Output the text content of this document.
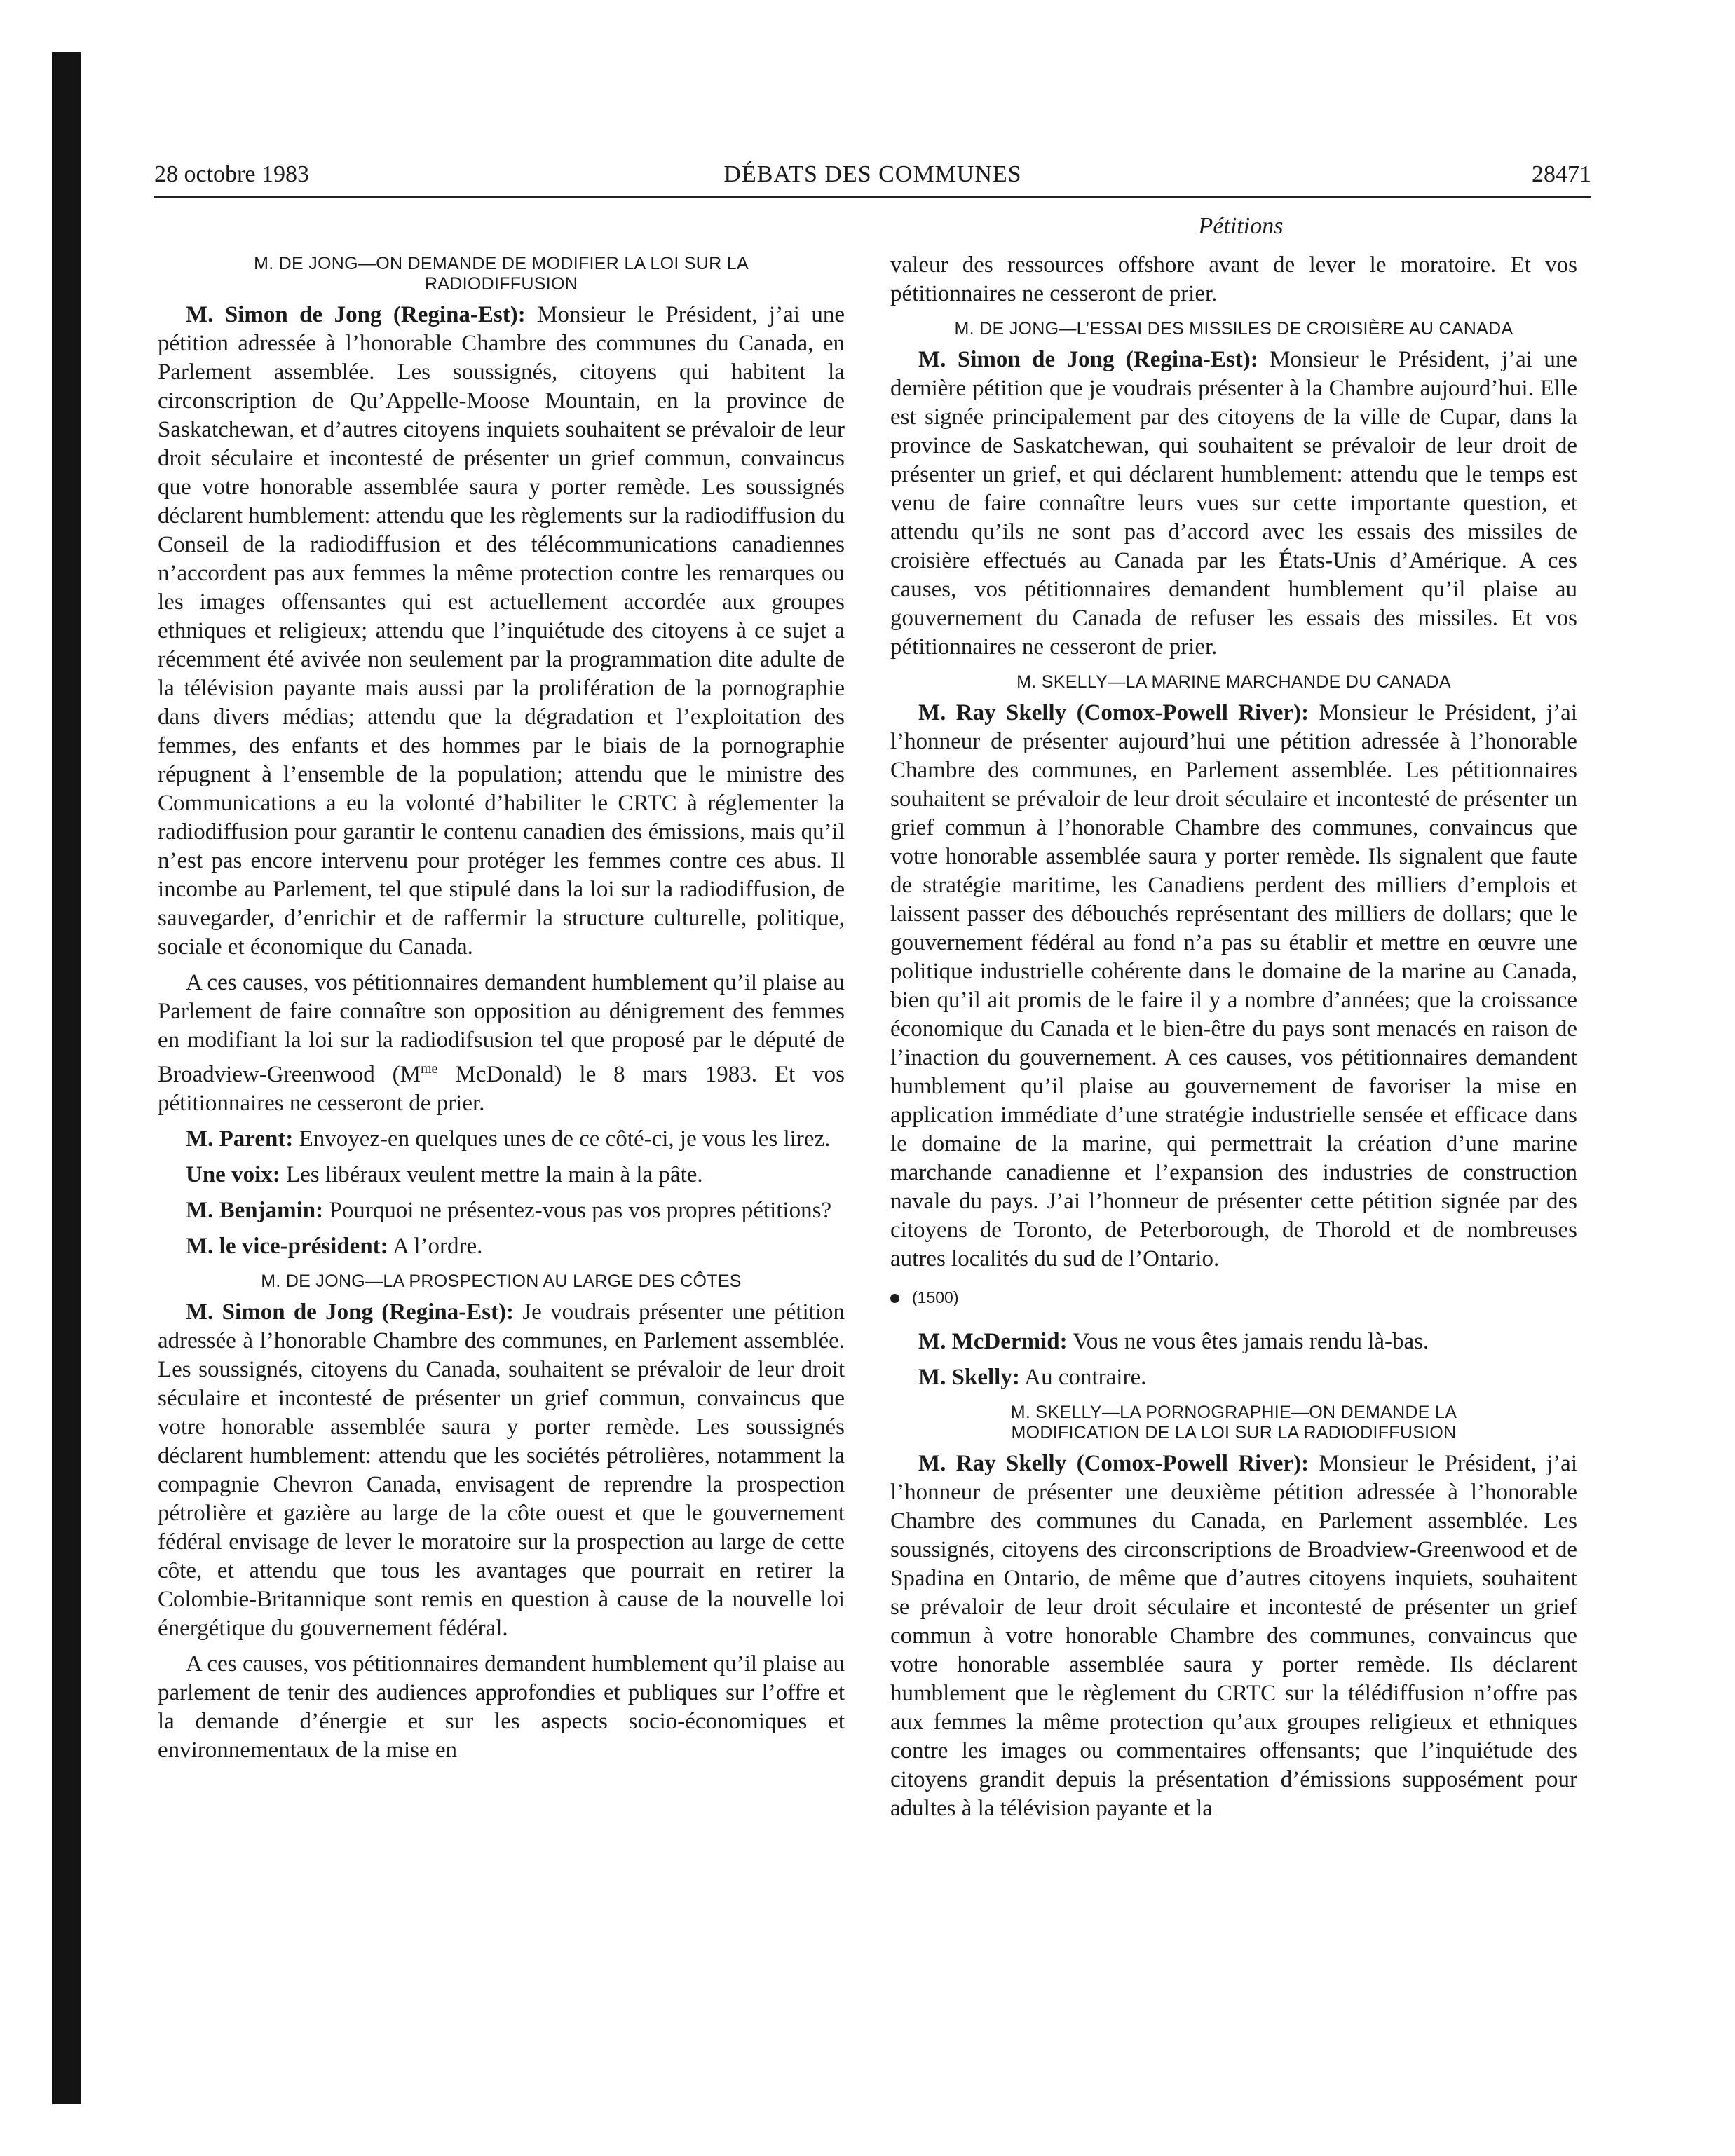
28 octobre 1983	DÉBATS DES COMMUNES	28471
Pétitions
M. DE JONG—ON DEMANDE DE MODIFIER LA LOI SUR LA
RADIODIFFUSION

M. Simon de Jong (Regina-Est): Monsieur le Président, j’ai une pétition adressée à l’honorable Chambre des communes du Canada, en Parlement assemblée. Les soussignés, citoyens qui habitent la circonscription de Qu’Appelle-Moose Mountain, en la province de Saskatchewan, et d’autres citoyens inquiets souhaitent se prévaloir de leur droit séculaire et incontesté de présenter un grief commun, convaincus que votre honorable assemblée saura y porter remède. Les soussignés déclarent humblement: attendu que les règlements sur la radiodiffusion du Conseil de la radiodiffusion et des télécommunications canadiennes n’accordent pas aux femmes la même protection contre les remarques ou les images offensantes qui est actuellement accordée aux groupes ethniques et religieux; attendu que l’inquiétude des citoyens à ce sujet a récemment été avivée non seulement par la programmation dite adulte de la télévision payante mais aussi par la prolifération de la pornographie dans divers médias; attendu que la dégradation et l’exploitation des femmes, des enfants et des hommes par le biais de la pornographie répugnent à l’ensemble de la population; attendu que le ministre des Communications a eu la volonté d’habiliter le CRTC à réglementer la radiodiffusion pour garantir le contenu canadien des émissions, mais qu’il n’est pas encore intervenu pour protéger les femmes contre ces abus. Il incombe au Parlement, tel que stipulé dans la loi sur la radiodiffusion, de sauvegarder, d’enrichir et de raffermir la structure culturelle, politique, sociale et économique du Canada.

A ces causes, vos pétitionnaires demandent humblement qu’il plaise au Parlement de faire connaître son opposition au dénigrement des femmes en modifiant la loi sur la radiodifsusion tel que proposé par le député de Broadview-Greenwood ($M^{me}$ McDonald) le 8 mars 1983. Et vos pétitionnaires ne cesseront de prier.

M. Parent: Envoyez-en quelques unes de ce côté-ci, je vous les lirez.

Une voix: Les libéraux veulent mettre la main à la pâte.

M. Benjamin: Pourquoi ne présentez-vous pas vos propres pétitions?

M. le vice-président: A l’ordre.

M. DE JONG—LA PROSPECTION AU LARGE DES CÔTES

M. Simon de Jong (Regina-Est): Je voudrais présenter une pétition adressée à l’honorable Chambre des communes, en Parlement assemblée. Les soussignés, citoyens du Canada, souhaitent se prévaloir de leur droit séculaire et incontesté de présenter un grief commun, convaincus que votre honorable assemblée saura y porter remède. Les soussignés déclarent humblement: attendu que les sociétés pétrolières, notamment la compagnie Chevron Canada, envisagent de reprendre la prospection pétrolière et gazière au large de la côte ouest et que le gouvernement fédéral envisage de lever le moratoire sur la prospection au large de cette côte, et attendu que tous les avantages que pourrait en retirer la Colombie-Britannique sont remis en question à cause de la nouvelle loi énergétique du gouvernement fédéral.

A ces causes, vos pétitionnaires demandent humblement qu’il plaise au parlement de tenir des audiences approfondies et publiques sur l’offre et la demande d’énergie et sur les aspects socio-économiques et environnementaux de la mise en

valeur des ressources offshore avant de lever le moratoire. Et vos pétitionnaires ne cesseront de prier.

M. DE JONG—L’ESSAI DES MISSILES DE CROISIÈRE AU CANADA

M. Simon de Jong (Regina-Est): Monsieur le Président, j’ai une dernière pétition que je voudrais présenter à la Chambre aujourd’hui. Elle est signée principalement par des citoyens de la ville de Cupar, dans la province de Saskatchewan, qui souhaitent se prévaloir de leur droit de présenter un grief, et qui déclarent humblement: attendu que le temps est venu de faire connaître leurs vues sur cette importante question, et attendu qu’ils ne sont pas d’accord avec les essais des missiles de croisière effectués au Canada par les États-Unis d’Amérique. A ces causes, vos pétitionnaires demandent humblement qu’il plaise au gouvernement du Canada de refuser les essais des missiles. Et vos pétitionnaires ne cesseront de prier.

M. SKELLY—LA MARINE MARCHANDE DU CANADA

M. Ray Skelly (Comox-Powell River): Monsieur le Président, j’ai l’honneur de présenter aujourd’hui une pétition adressée à l’honorable Chambre des communes, en Parlement assemblée. Les pétitionnaires souhaitent se prévaloir de leur droit séculaire et incontesté de présenter un grief commun à l’honorable Chambre des communes, convaincus que votre honorable assemblée saura y porter remède. Ils signalent que faute de stratégie maritime, les Canadiens perdent des milliers d’emplois et laissent passer des débouchés représentant des milliers de dollars; que le gouvernement fédéral au fond n’a pas su établir et mettre en œuvre une politique industrielle cohérente dans le domaine de la marine au Canada, bien qu’il ait promis de le faire il y a nombre d’années; que la croissance économique du Canada et le bien-être du pays sont menacés en raison de l’inaction du gouvernement. A ces causes, vos pétitionnaires demandent humblement qu’il plaise au gouvernement de favoriser la mise en application immédiate d’une stratégie industrielle sensée et efficace dans le domaine de la marine, qui permettrait la création d’une marine marchande canadienne et l’expansion des industries de construction navale du pays. J’ai l’honneur de présenter cette pétition signée par des citoyens de Toronto, de Peterborough, de Thorold et de nombreuses autres localités du sud de l’Ontario.

(1500)

M. McDermid: Vous ne vous êtes jamais rendu là-bas.

M. Skelly: Au contraire.

M. SKELLY—LA PORNOGRAPHIE—ON DEMANDE LA
MODIFICATION DE LA LOI SUR LA RADIODIFFUSION

M. Ray Skelly (Comox-Powell River): Monsieur le Président, j’ai l’honneur de présenter une deuxième pétition adressée à l’honorable Chambre des communes du Canada, en Parlement assemblée. Les soussignés, citoyens des circonscriptions de Broadview-Greenwood et de Spadina en Ontario, de même que d’autres citoyens inquiets, souhaitent se prévaloir de leur droit séculaire et incontesté de présenter un grief commun à votre honorable Chambre des communes, convaincus que votre honorable assemblée saura y porter remède. Ils déclarent humblement que le règlement du CRTC sur la télédiffusion n’offre pas aux femmes la même protection qu’aux groupes religieux et ethniques contre les images ou commentaires offensants; que l’inquiétude des citoyens grandit depuis la présentation d’émissions supposément pour adultes à la télévision payante et la
